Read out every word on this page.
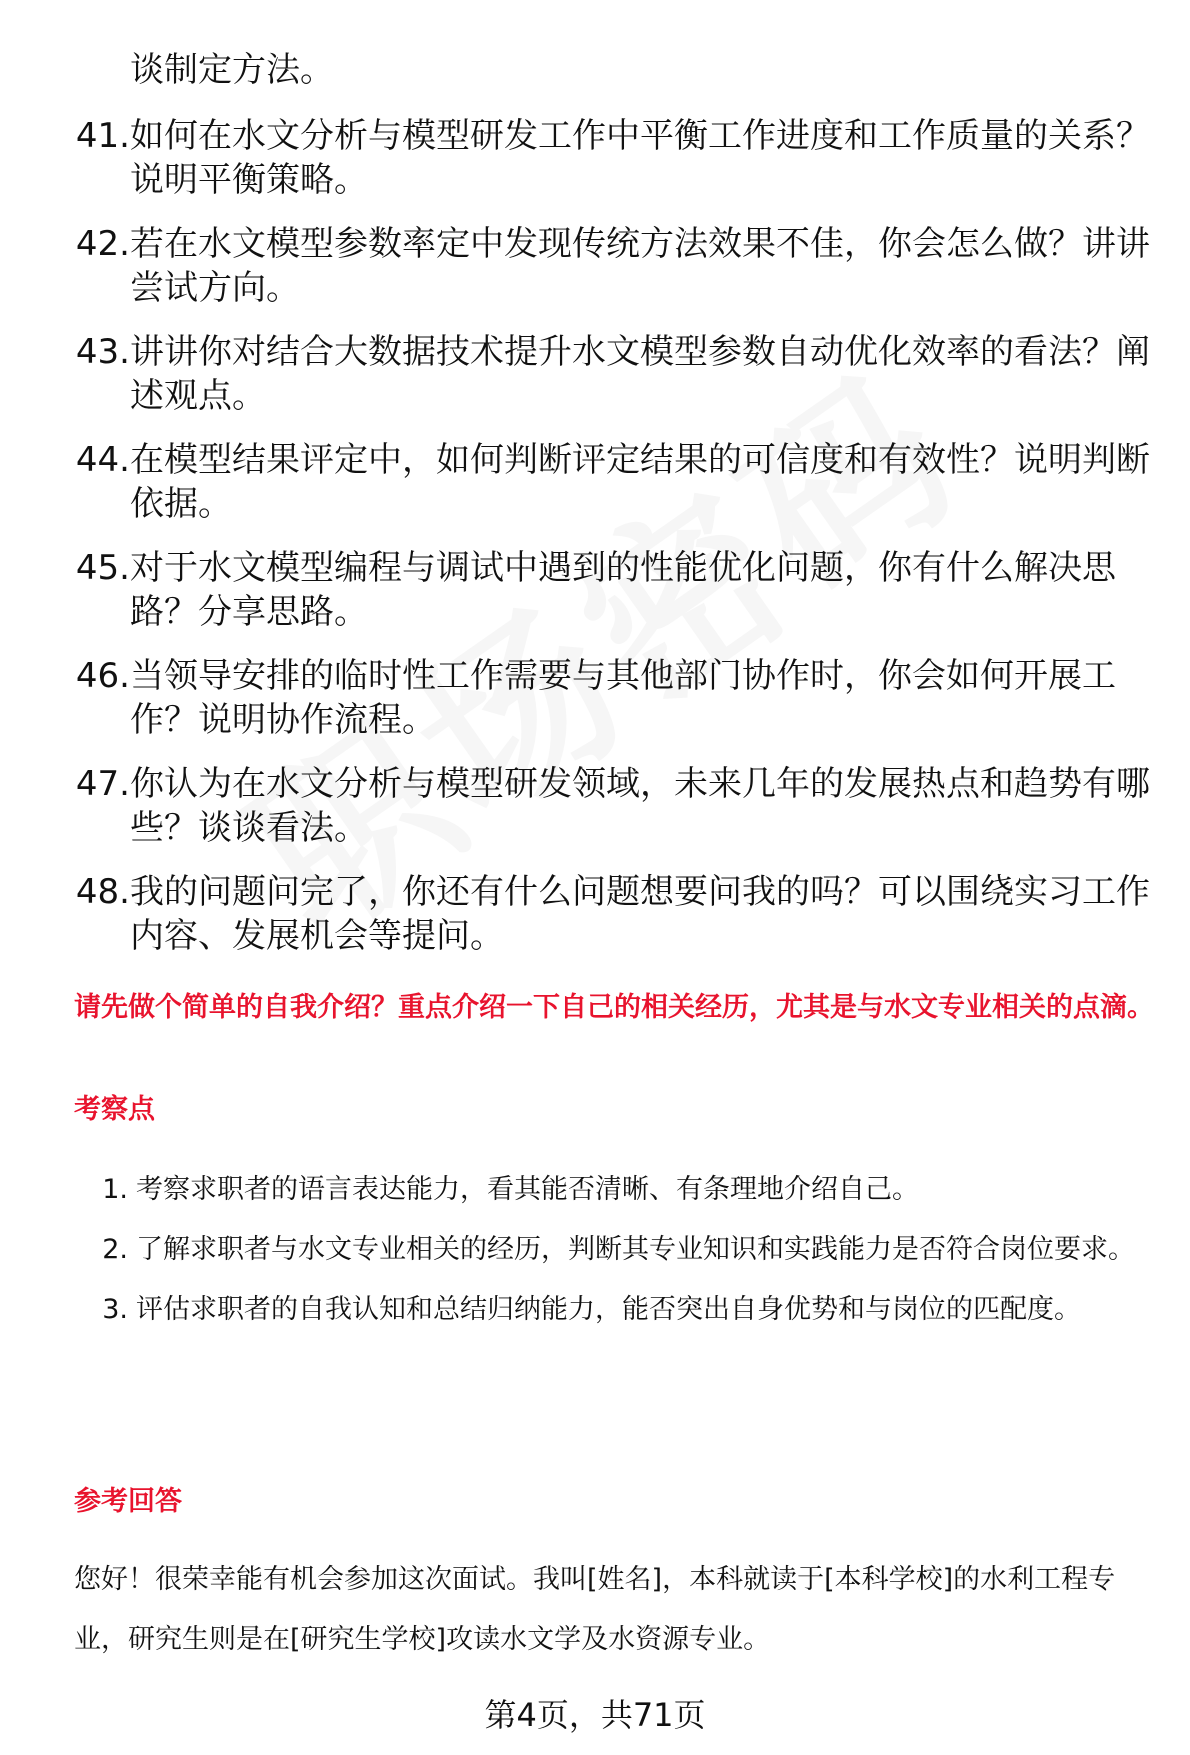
谈制定方法。
41. 如何在水文分析与模型研发工作中平衡工作进度和工作质量的关系？说明平衡策略。
42. 若在水文模型参数率定中发现传统方法效果不佳，你会怎么做？讲讲尝试方向。
43. 讲讲你对结合大数据技术提升水文模型参数自动优化效率的看法？阐述观点。
44. 在模型结果评定中，如何判断评定结果的可信度和有效性？说明判断依据。
45. 对于水文模型编程与调试中遇到的性能优化问题，你有什么解决思路？分享思路。
46. 当领导安排的临时性工作需要与其他部门协作时，你会如何开展工作？说明协作流程。
47. 你认为在水文分析与模型研发领域，未来几年的发展热点和趋势有哪些？谈谈看法。
48. 我的问题问完了，你还有什么问题想要问我的吗？可以围绕实习工作内容、发展机会等提问。
请先做个简单的自我介绍？重点介绍一下自己的相关经历，尤其是与水文专业相关的点滴。
考察点
1. 考察求职者的语言表达能力，看其能否清晰、有条理地介绍自己。
2. 了解求职者与水文专业相关的经历，判断其专业知识和实践能力是否符合岗位要求。
3. 评估求职者的自我认知和总结归纳能力，能否突出自身优势和与岗位的匹配度。
参考回答
您好！很荣幸能有机会参加这次面试。我叫[姓名]，本科就读于[本科学校]的水利工程专业，研究生则是在[研究生学校]攻读水文学及水资源专业。
第4页，共71页
